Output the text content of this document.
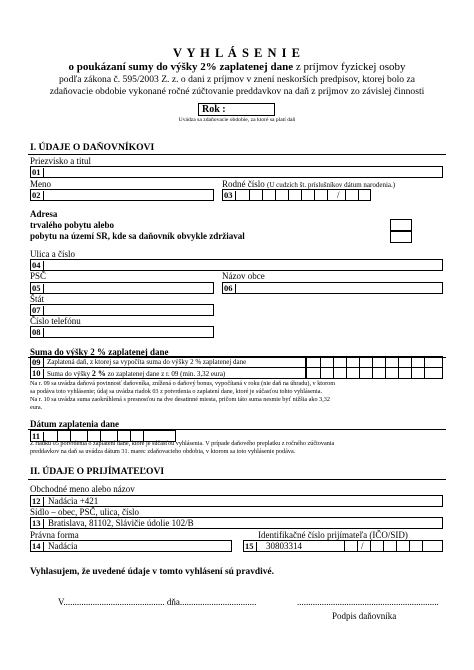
V Y H L Á S E N I E
o poukázaní sumy do výšky 2% zaplatenej dane z príjmov fyzickej osoby
podľa zákona č. 595/2003 Z. z. o dani z príjmov v znení neskorších predpisov, ktorej bolo za
zdaňovacie obdobie vykonané ročné zúčtovanie preddavkov na daň z príjmov zo závislej činnosti
Rok :
Uvádza sa zdaňovacie obdobie, za ktoré sa platí daň
I. ÚDAJE O DAŇOVNÍKOVI
Priezvisko a titul
01
Meno	Rodné číslo (U cudzích št. príslušníkov dátum narodenia.)
02	03	/
Adresa
trvalého pobytu alebo
pobytu na území SR, kde sa daňovník obvykle zdržiaval
Ulica a číslo
04
PSČ	Názov obce
05	06
Štát
07
Číslo telefónu
08
Suma do výšky 2 % zaplatenej dane
09 Zaplatená daň, z ktorej sa vypočíta suma do výšky 2 % zaplatenej dane
10 Suma do výšky 2 % zo zaplatenej dane z r. 09 (min. 3,32 eura)
Na r. 09 sa uvádza daňová povinnosť daňovníka, znížená o daňový bonus, vypočítaná v roku (nie daň na úhradu), v ktorom
sa podáva toto vyhlásenie; údaj sa uvádza riadok 03 z potvrdenia o zaplatení dane, ktoré je súčasťou tohto vyhlásenia.
Na r. 10 sa uvádza suma zaokrúhlená s presnosťou na dve desatinné miesta, pričom táto suma nesmie byť nižšia ako 3,32
eura.
Dátum zaplatenia dane
11
Z riadku 05 potvrdenia o zaplatení dane, ktoré je súčasťou vyhlásenia. V prípade daňového preplatku z ročného zúčtovania
preddavkov na daň sa uvádza dátum 31. marec zdaňovacieho obdobia, v ktorom sa toto vyhlásenie podáva.
II. ÚDAJE O PRIJÍMATEĽOVI
Obchodné meno alebo názov
12 Nadácia +421
Sídlo – obec, PSČ, ulica, číslo
13 Bratislava, 81102, Slávičie údolie 102/B
Právna forma	Identifikačné číslo prijímateľa (IČO/SID)
14 Nadácia	15	30803314	/
Vyhlasujem, že uvedené údaje v tomto vyhlásení sú pravdivé.
V............................................. dňa..................................	...............................................................
Podpis daňovníka
